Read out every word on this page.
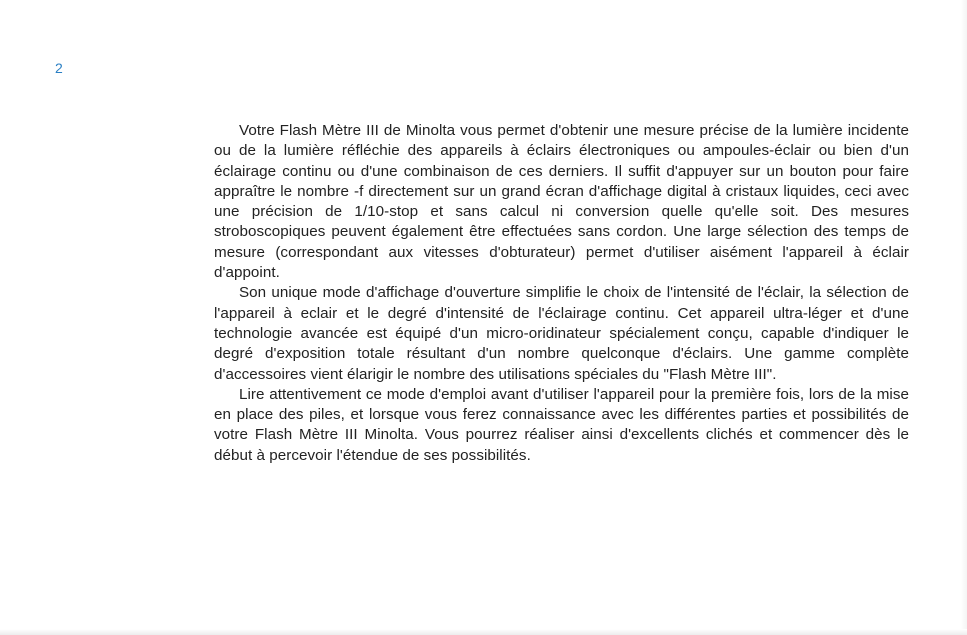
2

Votre Flash Mètre III de Minolta vous permet d'obtenir une mesure précise de la lumière incidente ou de la lumière réfléchie des appareils à éclairs électroniques ou ampoules-éclair ou bien d'un éclairage continu ou d'une combinaison de ces derniers. Il suffit d'appuyer sur un bouton pour faire appraître le nombre -f directement sur un grand écran d'affichage digital à cristaux liquides, ceci avec une précision de 1/10-stop et sans calcul ni conversion quelle qu'elle soit. Des mesures stroboscopiques peuvent également être effectuées sans cordon. Une large sélection des temps de mesure (correspondant aux vitesses d'obturateur) permet d'utiliser aisément l'appareil à éclair d'appoint.

Son unique mode d'affichage d'ouverture simplifie le choix de l'intensité de l'éclair, la sélection de l'appareil à eclair et le degré d'intensité de l'éclairage continu. Cet appareil ultra-léger et d'une technologie avancée est équipé d'un micro-oridinateur spécialement conçu, capable d'indiquer le degré d'exposition totale résultant d'un nombre quelconque d'éclairs. Une gamme complète d'accessoires vient élarigir le nombre des utilisations spéciales du "Flash Mètre III".

Lire attentivement ce mode d'emploi avant d'utiliser l'appareil pour la première fois, lors de la mise en place des piles, et lorsque vous ferez connaissance avec les différentes parties et possibilités de votre Flash Mètre III Minolta. Vous pourrez réaliser ainsi d'excellents clichés et commencer dès le début à percevoir l'étendue de ses possibilités.
